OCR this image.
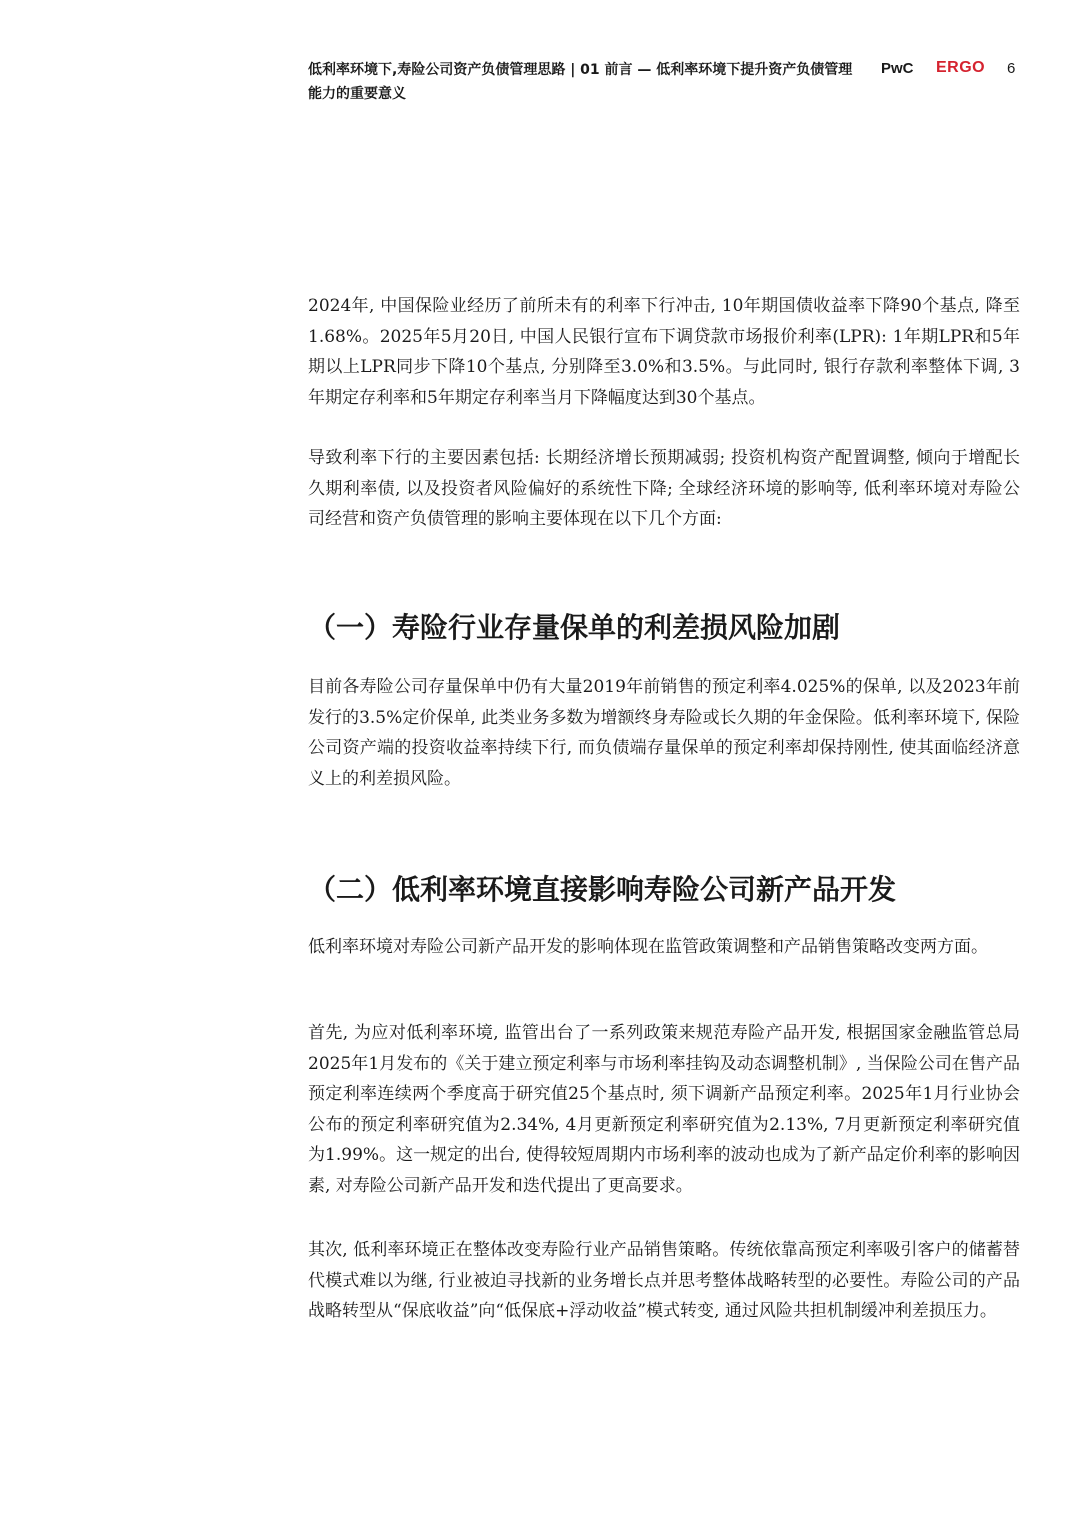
低利率环境下,寿险公司资产负债管理思路 | 01 前言 — 低利率环境下提升资产负债管理能力的重要意义
PwC ERGO 6

2024年, 中国保险业经历了前所未有的利率下行冲击, 10年期国债收益率下降90个基点, 降至1.68%。2025年5月20日, 中国人民银行宣布下调贷款市场报价利率(LPR): 1年期LPR和5年期以上LPR同步下降10个基点, 分别降至3.0%和3.5%。与此同时, 银行存款利率整体下调, 3年期定存利率和5年期定存利率当月下降幅度达到30个基点。

导致利率下行的主要因素包括: 长期经济增长预期减弱; 投资机构资产配置调整, 倾向于增配长久期利率债, 以及投资者风险偏好的系统性下降; 全球经济环境的影响等, 低利率环境对寿险公司经营和资产负债管理的影响主要体现在以下几个方面:

（一）寿险行业存量保单的利差损风险加剧

目前各寿险公司存量保单中仍有大量2019年前销售的预定利率4.025%的保单, 以及2023年前发行的3.5%定价保单, 此类业务多数为增额终身寿险或长久期的年金保险。低利率环境下, 保险公司资产端的投资收益率持续下行, 而负债端存量保单的预定利率却保持刚性, 使其面临经济意义上的利差损风险。

（二）低利率环境直接影响寿险公司新产品开发

低利率环境对寿险公司新产品开发的影响体现在监管政策调整和产品销售策略改变两方面。

首先, 为应对低利率环境, 监管出台了一系列政策来规范寿险产品开发, 根据国家金融监管总局2025年1月发布的《关于建立预定利率与市场利率挂钩及动态调整机制》, 当保险公司在售产品预定利率连续两个季度高于研究值25个基点时, 须下调新产品预定利率。2025年1月行业协会公布的预定利率研究值为2.34%, 4月更新预定利率研究值为2.13%, 7月更新预定利率研究值为1.99%。这一规定的出台, 使得较短周期内市场利率的波动也成为了新产品定价利率的影响因素, 对寿险公司新产品开发和迭代提出了更高要求。

其次, 低利率环境正在整体改变寿险行业产品销售策略。传统依靠高预定利率吸引客户的储蓄替代模式难以为继, 行业被迫寻找新的业务增长点并思考整体战略转型的必要性。寿险公司的产品战略转型从“保底收益”向“低保底+浮动收益”模式转变, 通过风险共担机制缓冲利差损压力。
